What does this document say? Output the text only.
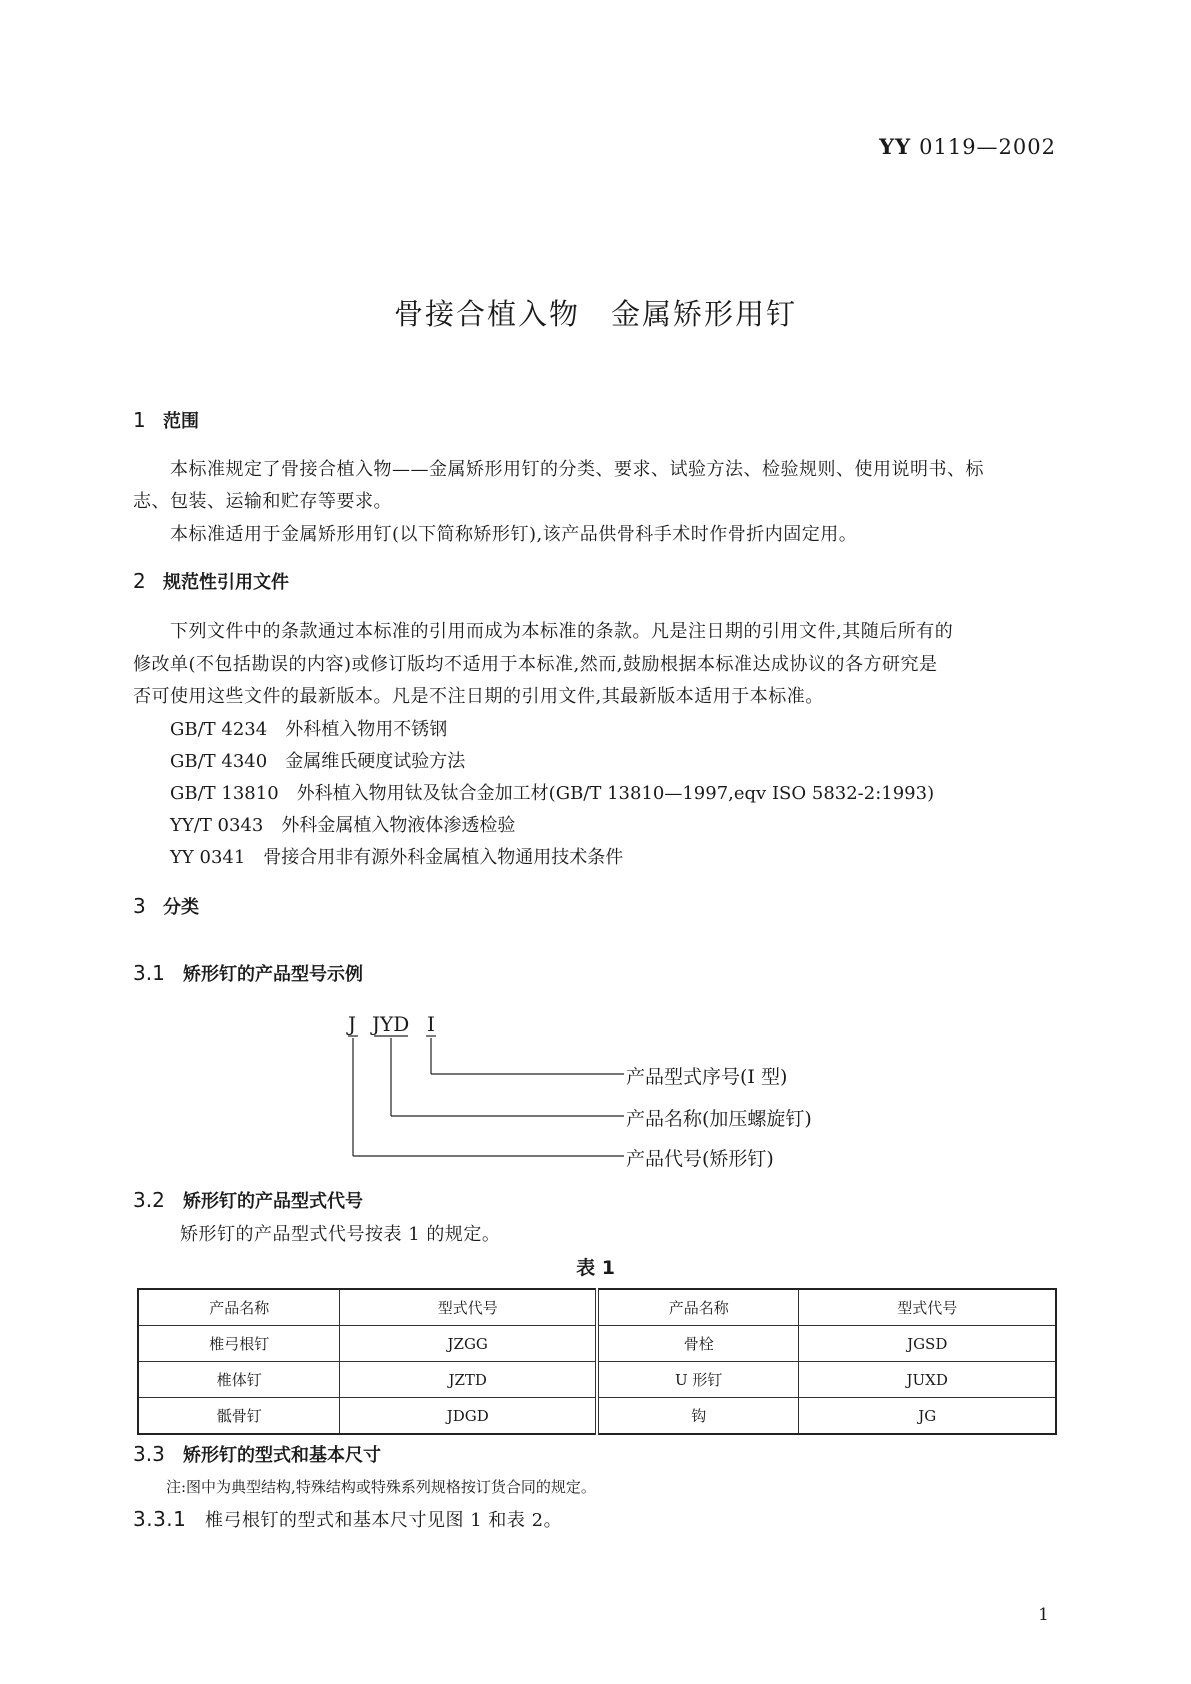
YY 0119—2002
骨接合植入物　金属矫形用钉
1 范围
本标准规定了骨接合植入物——金属矫形用钉的分类、要求、试验方法、检验规则、使用说明书、标
志、包装、运输和贮存等要求。
本标准适用于金属矫形用钉(以下简称矫形钉),该产品供骨科手术时作骨折内固定用。
2 规范性引用文件
下列文件中的条款通过本标准的引用而成为本标准的条款。凡是注日期的引用文件,其随后所有的
修改单(不包括勘误的内容)或修订版均不适用于本标准,然而,鼓励根据本标准达成协议的各方研究是
否可使用这些文件的最新版本。凡是不注日期的引用文件,其最新版本适用于本标准。
GB/T 4234 外科植入物用不锈钢
GB/T 4340 金属维氏硬度试验方法
GB/T 13810 外科植入物用钛及钛合金加工材(GB/T 13810—1997,eqv ISO 5832-2:1993)
YY/T 0343 外科金属植入物液体渗透检验
YY 0341 骨接合用非有源外科金属植入物通用技术条件
3 分类
3.1 矫形钉的产品型号示例
J JYD I
产品型式序号(I 型)
产品名称(加压螺旋钉)
产品代号(矫形钉)
3.2 矫形钉的产品型式代号
矫形钉的产品型式代号按表 1 的规定。
表 1
产品名称	型式代号	产品名称	型式代号
椎弓根钉	JZGG	骨栓	JGSD
椎体钉	JZTD	U 形钉	JUXD
骶骨钉	JDGD	钩	JG
3.3 矫形钉的型式和基本尺寸
注:图中为典型结构,特殊结构或特殊系列规格按订货合同的规定。
3.3.1 椎弓根钉的型式和基本尺寸见图 1 和表 2。
1
